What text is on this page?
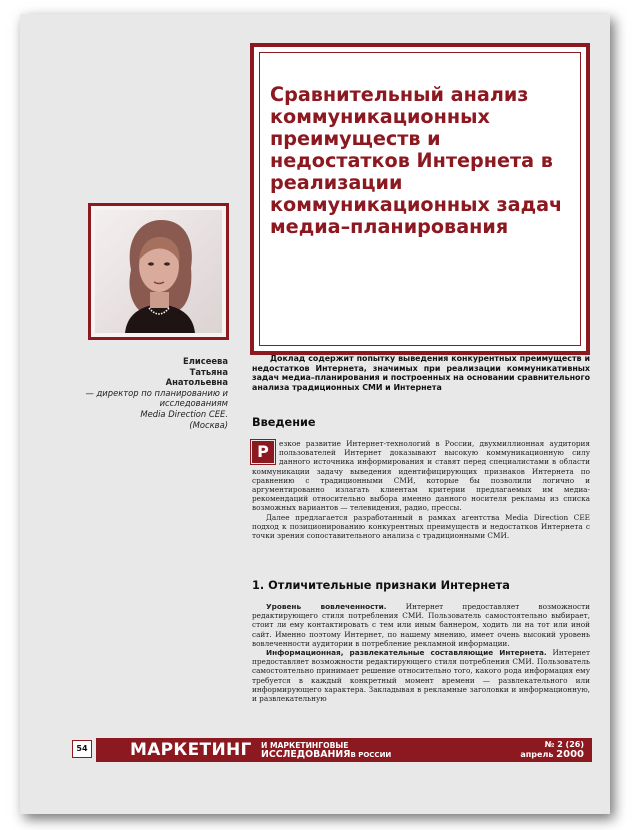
Сравнительный анализ коммуникационных преимуществ и недостатков Интернета в реализации коммуникационных задач медиа–планирования
Елисеева
Татьяна
Анатольевна
— директор по планированию и
исследованиям
Media Direction CEE.
(Москва)

Доклад содержит попытку выведения конкурентных преимуществ и недостатков Интернета, значимых при реализации коммуникативных задач медиа–планирования и построенных на основании сравнительного анализа традиционных СМИ и Интернета

Введение

Р	езкое развитие Интернет-технологий в России, двухмиллионная аудитория пользователей Интернет доказывают высокую коммуникационную силу данного источника информирования и ставят перед специалистами в области коммуникации задачу выведения идентифицирующих признаков Интернета по сравнению с традиционными СМИ, которые бы позволили логично и аргументированно излагать клиентам критерии предлагаемых им медиа-рекомендаций относительно выбора именно данного носителя рекламы из списка возможных вариантов — телевидения, радио, прессы.

Далее предлагается разработанный в рамках агентства Media Direction CEE подход к позиционированию конкурентных преимуществ и недостатков Интернета с точки зрения сопоставительного анализа с традиционными СМИ.

1. Отличительные признаки Интернета

Уровень вовлеченности. Интернет предоставляет возможности редактирующего стиля потребления СМИ. Пользователь самостоятельно выбирает, стоит ли ему контактировать с тем или иным баннером, ходить ли на тот или иной сайт. Именно поэтому Интернет, по нашему мнению, имеет очень высокий уровень вовлеченности аудитории в потребление рекламной информации.

Информационная, развлекательные составляющие Интернета. Интернет предоставляет возможности редактирующего стиля потребления СМИ. Пользователь самостоятельно принимает решение относительно того, какого рода информация ему требуется в каждый конкретный момент времени — развлекательного или информирующего характера. Закладывая в рекламные заголовки и информационную, и развлекательную

54 МАРКЕТИНГ И МАРКЕТИНГОВЫЕ
ИССЛЕДОВАНИЯВ РОССИИ
№ 2 (26)
апрель 2000
